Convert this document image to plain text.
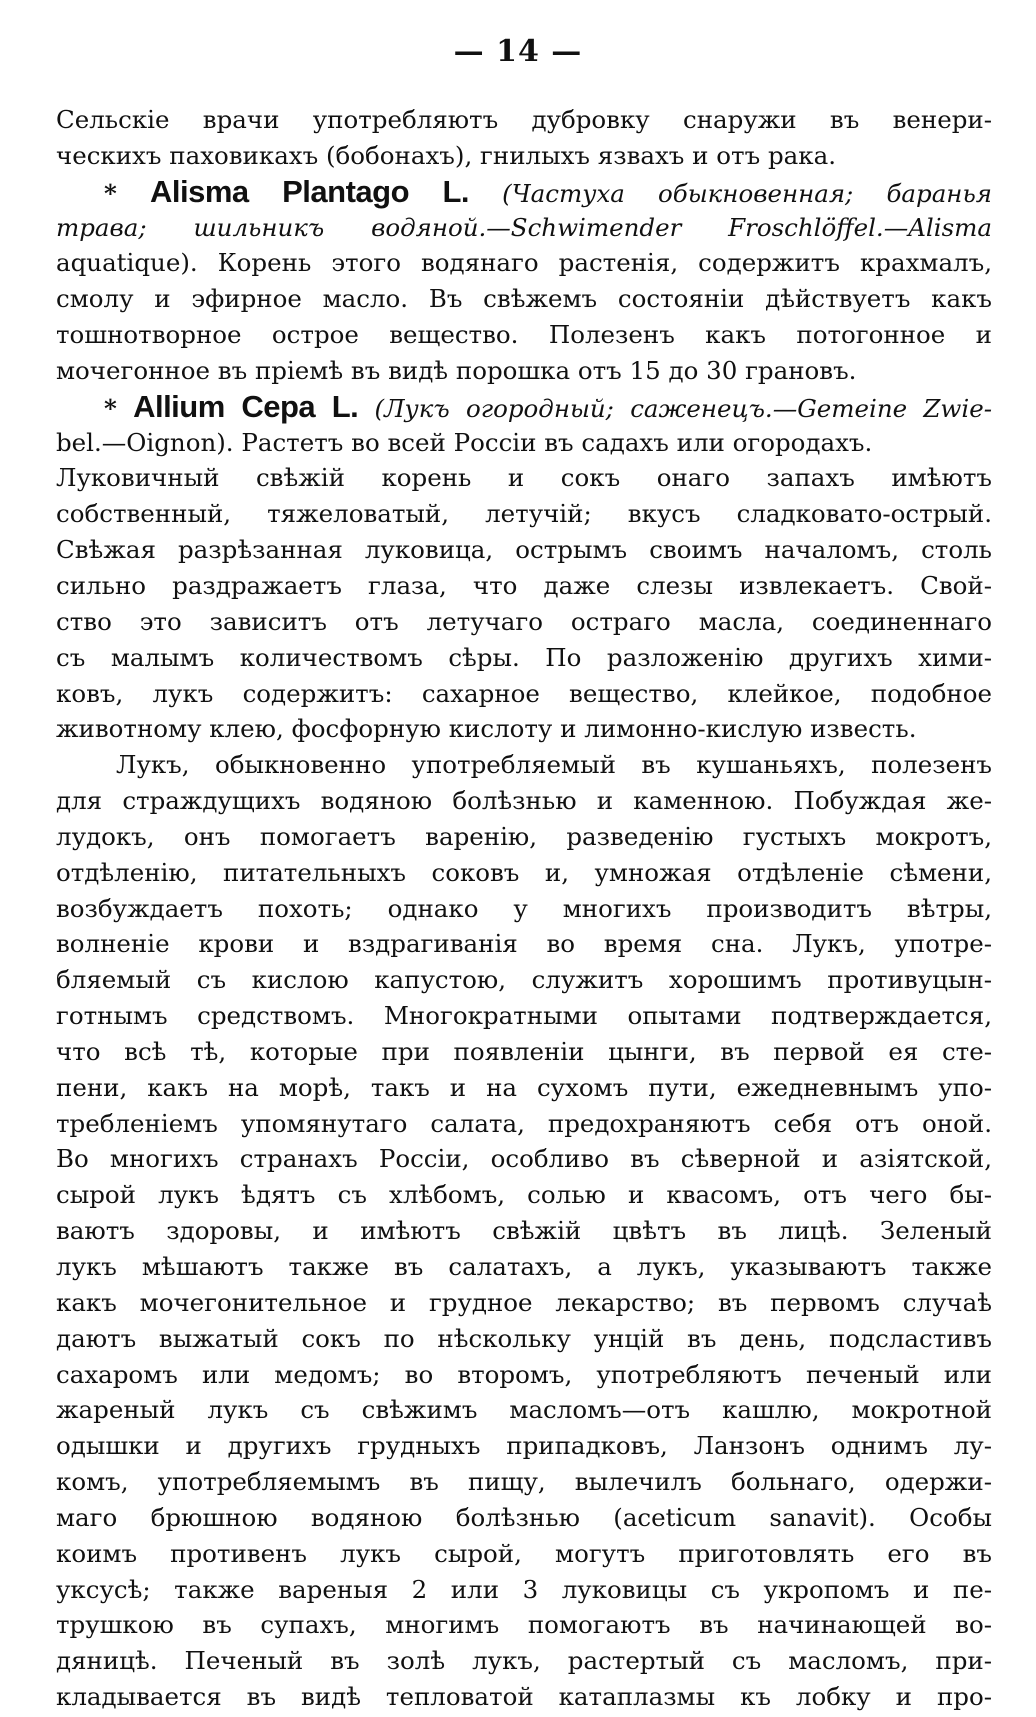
— 14 —
Сельскіе врачи употребляютъ дубровку снаружи въ венери-
ческихъ паховикахъ (бобонахъ), гнилыхъ язвахъ и отъ рака.
* Alisma Plantago L. (Частуха обыкновенная; баранья
трава; шильникъ водяной.—Schwimender Froschlöffel.—Alisma
aquatique). Корень этого водянаго растенія, содержитъ крахмалъ,
смолу и эфирное масло. Въ свѣжемъ состояніи дѣйствуетъ какъ
тошнотворное острое вещество. Полезенъ какъ потогонное и
мочегонное въ пріемѣ въ видѣ порошка отъ 15 до 30 грановъ.
* Allium Cepa L. (Лукъ огородный; саженецъ.—Gemeine Zwie-
bel.—Oignon). Растетъ во всей Россіи въ садахъ или огородахъ.
Луковичный свѣжій корень и сокъ онаго запахъ имѣютъ
собственный, тяжеловатый, летучій; вкусъ сладковато-острый.
Свѣжая разрѣзанная луковица, острымъ своимъ началомъ, столь
сильно раздражаетъ глаза, что даже слезы извлекаетъ. Свой-
ство это зависитъ отъ летучаго остраго масла, соединеннаго
съ малымъ количествомъ сѣры. По разложенію другихъ хими-
ковъ, лукъ содержитъ: сахарное вещество, клейкое, подобное
животному клею, фосфорную кислоту и лимонно-кислую известь.
Лукъ, обыкновенно употребляемый въ кушаньяхъ, полезенъ
для страждущихъ водяною болѣзнью и каменною. Побуждая же-
лудокъ, онъ помогаетъ варенію, разведенію густыхъ мокротъ,
отдѣленію, питательныхъ соковъ и, умножая отдѣленіе сѣмени,
возбуждаетъ похоть; однако у многихъ производитъ вѣтры,
волненіе крови и вздрагиванія во время сна. Лукъ, употре-
бляемый съ кислою капустою, служитъ хорошимъ противуцын-
готнымъ средствомъ. Многократными опытами подтверждается,
что всѣ тѣ, которые при появленіи цынги, въ первой ея сте-
пени, какъ на морѣ, такъ и на сухомъ пути, ежедневнымъ упо-
требленіемъ упомянутаго салата, предохраняютъ себя отъ оной.
Во многихъ странахъ Россіи, особливо въ сѣверной и азіятской,
сырой лукъ ѣдятъ съ хлѣбомъ, солью и квасомъ, отъ чего бы-
ваютъ здоровы, и имѣютъ свѣжій цвѣтъ въ лицѣ. Зеленый
лукъ мѣшаютъ также въ салатахъ, а лукъ, указываютъ также
какъ мочегонительное и грудное лекарство; въ первомъ случаѣ
даютъ выжатый сокъ по нѣскольку унцій въ день, подсластивъ
сахаромъ или медомъ; во второмъ, употребляютъ печеный или
жареный лукъ съ свѣжимъ масломъ—отъ кашлю, мокротной
одышки и другихъ грудныхъ припадковъ, Ланзонъ однимъ лу-
комъ, употребляемымъ въ пищу, вылечилъ больнаго, одержи-
маго брюшною водяною болѣзнью (aceticum sanavit). Особы
коимъ противенъ лукъ сырой, могутъ приготовлять его въ
уксусѣ; также вареныя 2 или 3 луковицы съ укропомъ и пе-
трушкою въ супахъ, многимъ помогаютъ въ начинающей во-
дяницѣ. Печеный въ золѣ лукъ, растертый съ масломъ, при-
кладывается въ видѣ тепловатой катаплазмы къ лобку и про-
